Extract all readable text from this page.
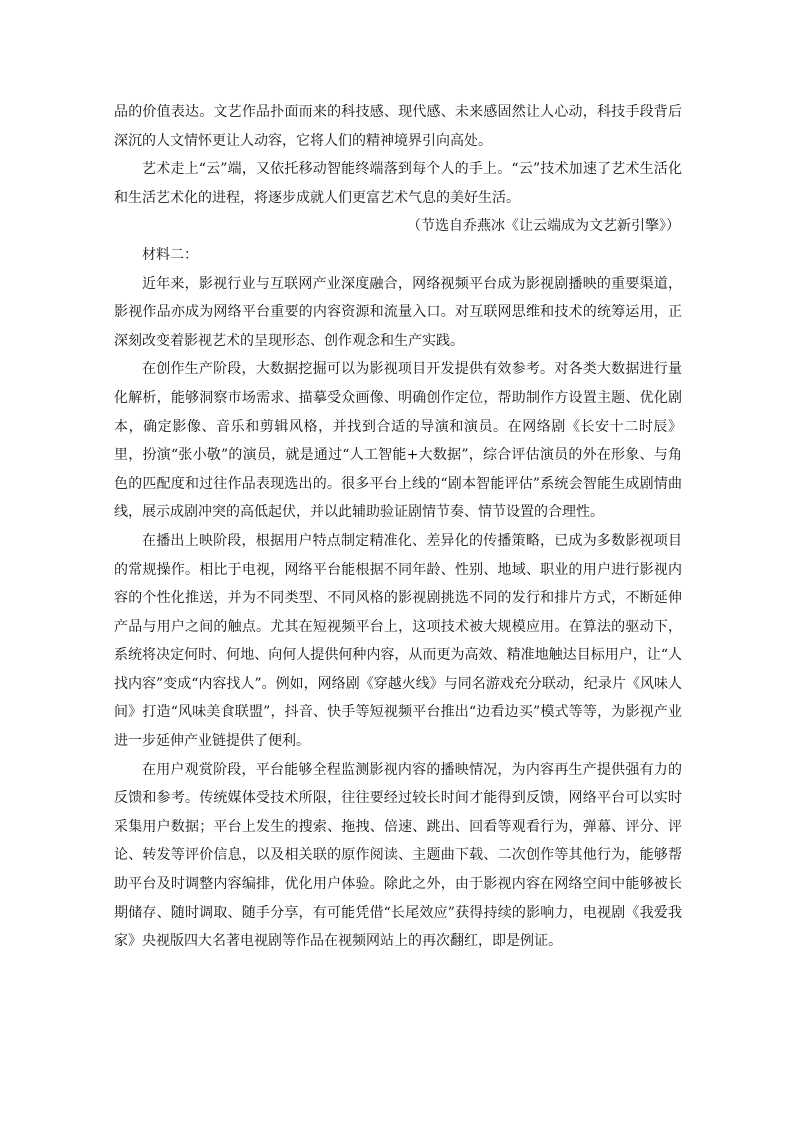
品的价值表达。文艺作品扑面而来的科技感、现代感、未来感固然让人心动，科技手段背后深沉的人文情怀更让人动容，它将人们的精神境界引向高处。

艺术走上“云”端，又依托移动智能终端落到每个人的手上。“云”技术加速了艺术生活化和生活艺术化的进程，将逐步成就人们更富艺术气息的美好生活。

（节选自乔燕冰《让云端成为文艺新引擎》）

材料二：

近年来，影视行业与互联网产业深度融合，网络视频平台成为影视剧播映的重要渠道，影视作品亦成为网络平台重要的内容资源和流量入口。对互联网思维和技术的统筹运用，正深刻改变着影视艺术的呈现形态、创作观念和生产实践。

在创作生产阶段，大数据挖掘可以为影视项目开发提供有效参考。对各类大数据进行量化解析，能够洞察市场需求、描摹受众画像、明确创作定位，帮助制作方设置主题、优化剧本，确定影像、音乐和剪辑风格，并找到合适的导演和演员。在网络剧《长安十二时辰》里，扮演“张小敬”的演员，就是通过“人工智能+大数据”，综合评估演员的外在形象、与角色的匹配度和过往作品表现选出的。很多平台上线的“剧本智能评估”系统会智能生成剧情曲线，展示成剧冲突的高低起伏，并以此辅助验证剧情节奏、情节设置的合理性。

在播出上映阶段，根据用户特点制定精准化、差异化的传播策略，已成为多数影视项目的常规操作。相比于电视，网络平台能根据不同年龄、性别、地域、职业的用户进行影视内容的个性化推送，并为不同类型、不同风格的影视剧挑选不同的发行和排片方式，不断延伸产品与用户之间的触点。尤其在短视频平台上，这项技术被大规模应用。在算法的驱动下，系统将决定何时、何地、向何人提供何种内容，从而更为高效、精准地触达目标用户，让“人找内容”变成“内容找人”。例如，网络剧《穿越火线》与同名游戏充分联动，纪录片《风味人间》打造“风味美食联盟”，抖音、快手等短视频平台推出“边看边买”模式等等，为影视产业进一步延伸产业链提供了便利。

在用户观赏阶段，平台能够全程监测影视内容的播映情况，为内容再生产提供强有力的反馈和参考。传统媒体受技术所限，往往要经过较长时间才能得到反馈，网络平台可以实时采集用户数据；平台上发生的搜索、拖拽、倍速、跳出、回看等观看行为，弹幕、评分、评论、转发等评价信息，以及相关联的原作阅读、主题曲下载、二次创作等其他行为，能够帮助平台及时调整内容编排，优化用户体验。除此之外，由于影视内容在网络空间中能够被长期储存、随时调取、随手分享，有可能凭借“长尾效应”获得持续的影响力，电视剧《我爱我家》央视版四大名著电视剧等作品在视频网站上的再次翻红，即是例证。
